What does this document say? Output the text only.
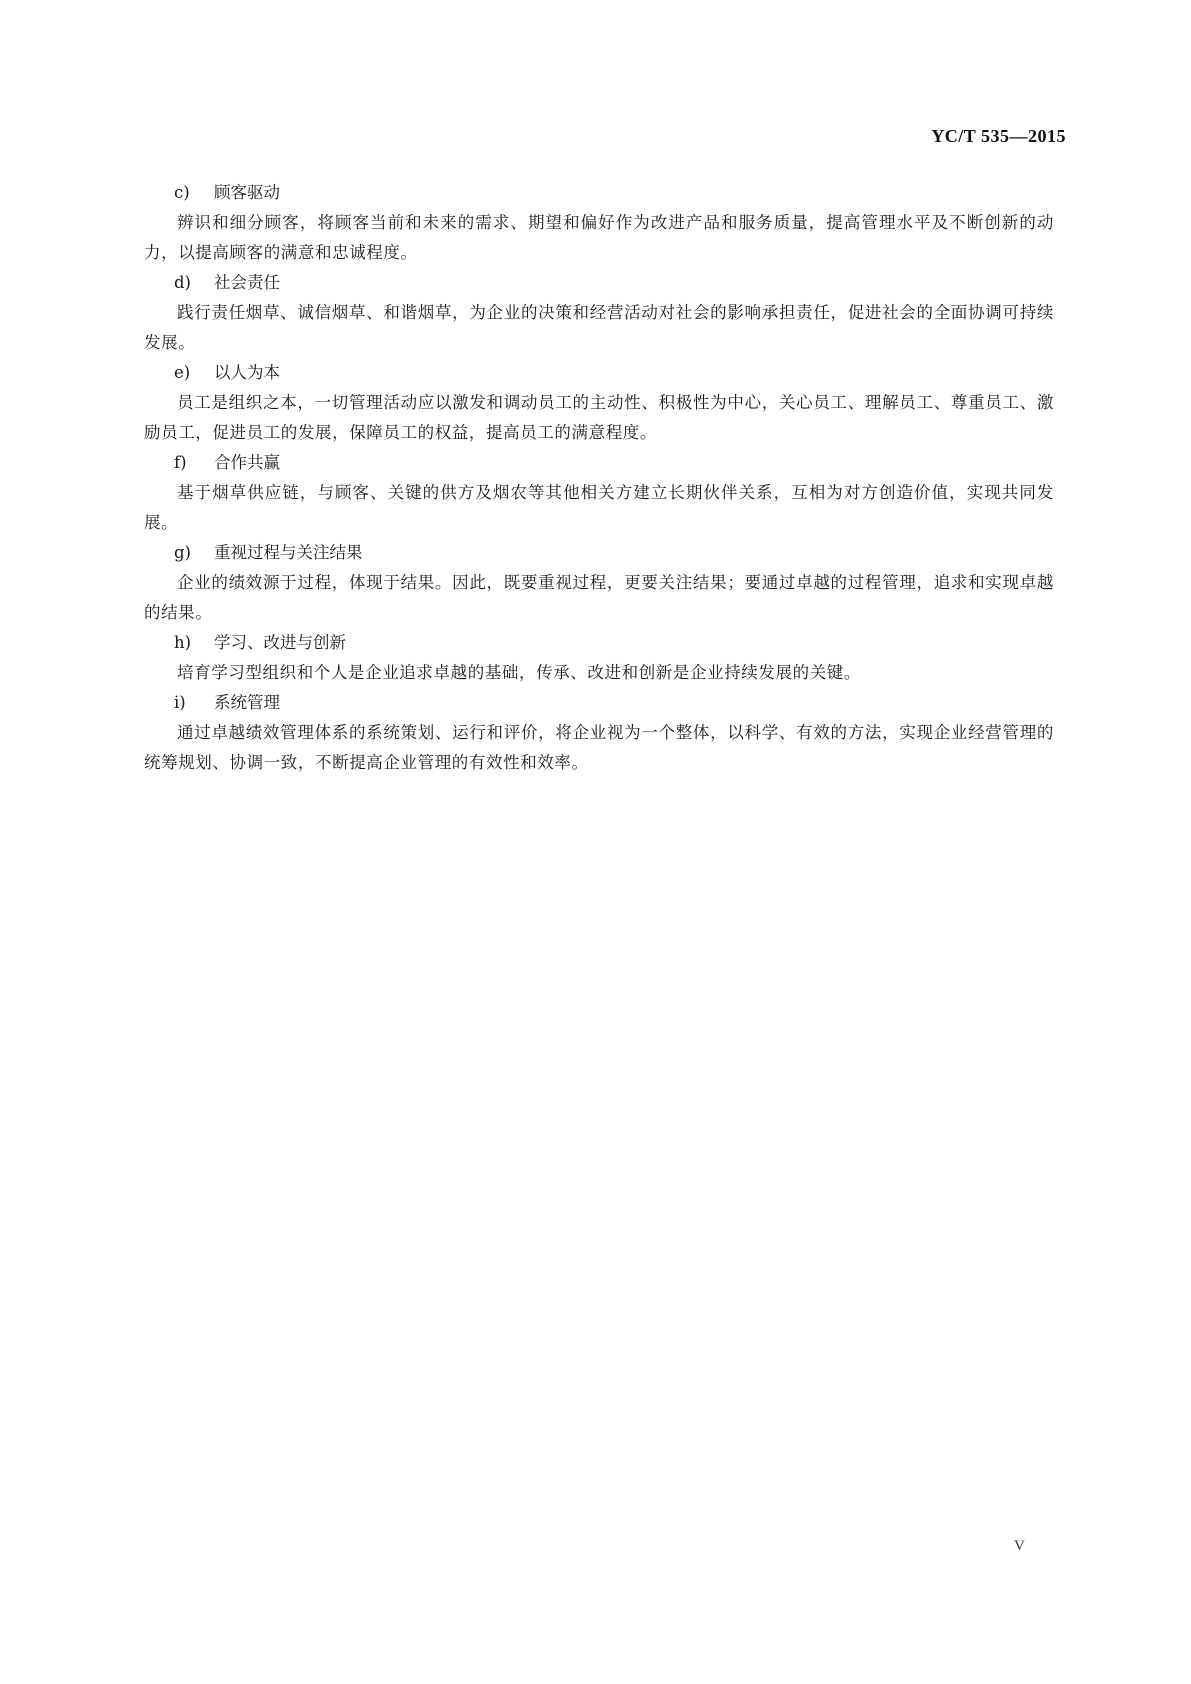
YC/T 535—2015
c) 顾客驱动
辨识和细分顾客，将顾客当前和未来的需求、期望和偏好作为改进产品和服务质量，提高管理水平及不断创新的动力，以提高顾客的满意和忠诚程度。
d) 社会责任
践行责任烟草、诚信烟草、和谐烟草，为企业的决策和经营活动对社会的影响承担责任，促进社会的全面协调可持续发展。
e) 以人为本
员工是组织之本，一切管理活动应以激发和调动员工的主动性、积极性为中心，关心员工、理解员工、尊重员工、激励员工，促进员工的发展，保障员工的权益，提高员工的满意程度。
f) 合作共赢
基于烟草供应链，与顾客、关键的供方及烟农等其他相关方建立长期伙伴关系，互相为对方创造价值，实现共同发展。
g) 重视过程与关注结果
企业的绩效源于过程，体现于结果。因此，既要重视过程，更要关注结果；要通过卓越的过程管理，追求和实现卓越的结果。
h) 学习、改进与创新
培育学习型组织和个人是企业追求卓越的基础，传承、改进和创新是企业持续发展的关键。
i) 系统管理
通过卓越绩效管理体系的系统策划、运行和评价，将企业视为一个整体，以科学、有效的方法，实现企业经营管理的统筹规划、协调一致，不断提高企业管理的有效性和效率。
V
